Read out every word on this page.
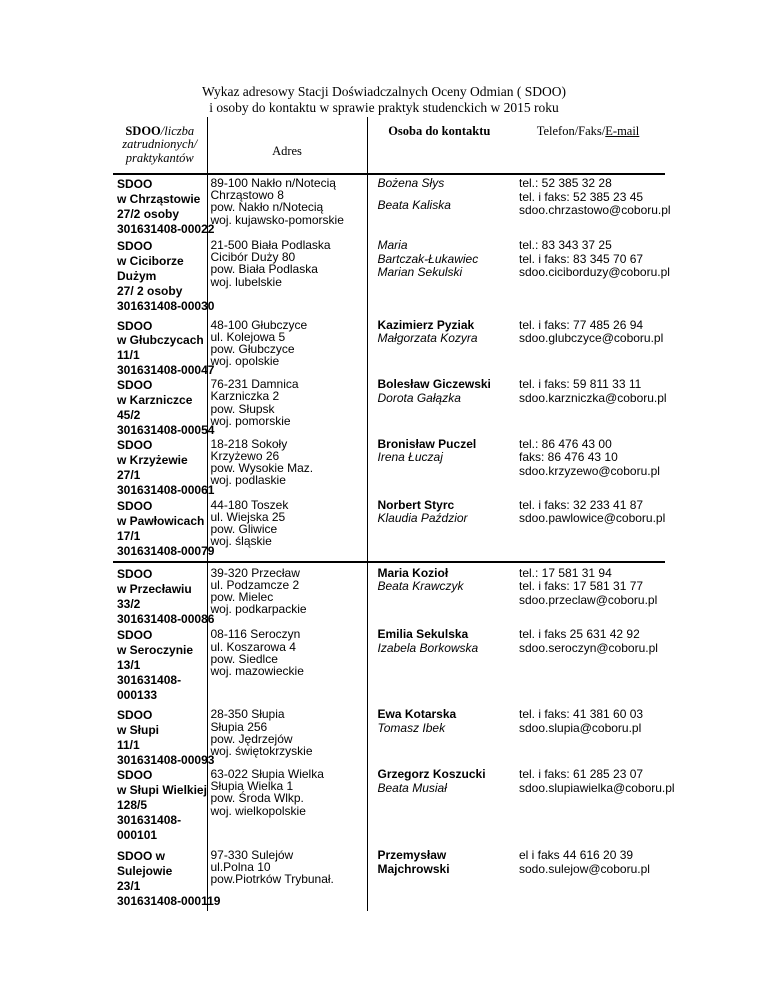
Wykaz adresowy Stacji Doświadczalnych Oceny Odmian ( SDOO)
i osoby do kontaktu w sprawie praktyk studenckich w 2015 roku
SDOO/liczba
zatrudnionych/
praktykantów	Adres	Osoba do kontaktu	Telefon/Faks/E-mail

SDOO
w Chrząstowie
27/2 osoby
301631408-00022	89-100 Nakło n/Notecią
Chrząstowo 8
pow. Nakło n/Notecią
woj. kujawsko-pomorskie	Bożena Słys

Beata Kaliska	tel.: 52 385 32 28
tel. i faks: 52 385 23 45
sdoo.chrzastowo@coboru.pl

SDOO
w Ciciborze
Dużym
27/ 2 osoby
301631408-00030	21-500 Biała Podlaska
Cicibór Duży 80
pow. Biała Podlaska
woj. lubelskie	Maria
Bartczak-Łukawiec
Marian Sekulski	tel.: 83 343 37 25
tel. i faks: 83 345 70 67
sdoo.ciciborduzy@coboru.pl

SDOO
w Głubczycach
11/1
301631408-00047	48-100 Głubczyce
ul. Kolejowa 5
pow. Głubczyce
woj. opolskie	Kazimierz Pyziak
Małgorzata Kozyra	tel. i faks: 77 485 26 94
sdoo.glubczyce@coboru.pl

SDOO
w Karzniczce
45/2
301631408-00054	76-231 Damnica
Karzniczka 2
pow. Słupsk
woj. pomorskie	Bolesław Giczewski
Dorota Gałązka	tel. i faks: 59 811 33 11
sdoo.karzniczka@coboru.pl

SDOO
w Krzyżewie
27/1
301631408-00061	18-218 Sokoły
Krzyżewo 26
pow. Wysokie Maz.
woj. podlaskie	Bronisław Puczel
Irena Łuczaj	tel.: 86 476 43 00
faks: 86 476 43 10
sdoo.krzyzewo@coboru.pl

SDOO
w Pawłowicach
17/1
301631408-00079	44-180 Toszek
ul. Wiejska 25
pow. Gliwice
woj. śląskie	Norbert Styrc
Klaudia Paździor	tel. i faks: 32 233 41 87
sdoo.pawlowice@coboru.pl

SDOO
w Przecławiu
33/2
301631408-00086	39-320 Przecław
ul. Podzamcze 2
pow. Mielec
woj. podkarpackie	Maria Kozioł
Beata Krawczyk	tel.: 17 581 31 94
tel. i faks: 17 581 31 77
sdoo.przeclaw@coboru.pl

SDOO
w Seroczynie
13/1
301631408-
000133	08-116 Seroczyn
ul. Koszarowa 4
pow. Siedlce
woj. mazowieckie	Emilia Sekulska
Izabela Borkowska	tel. i faks 25 631 42 92
sdoo.seroczyn@coboru.pl

SDOO
w Słupi
11/1
301631408-00093	28-350 Słupia
Słupia 256
pow. Jędrzejów
woj. świętokrzyskie	Ewa Kotarska
Tomasz Ibek	tel. i faks: 41 381 60 03
sdoo.slupia@coboru.pl

SDOO
w Słupi Wielkiej
128/5
301631408-
000101	63-022 Słupia Wielka
Słupia Wielka 1
pow. Środa Wlkp.
woj. wielkopolskie	Grzegorz Koszucki
Beata Musiał	tel. i faks: 61 285 23 07
sdoo.slupiawielka@coboru.pl

SDOO w
Sulejowie
23/1
301631408-000119	97-330 Sulejów
ul.Polna 10
pow.Piotrków Trybunał.	Przemysław
Majchrowski	el i faks 44 616 20 39
sodo.sulejow@coboru.pl
